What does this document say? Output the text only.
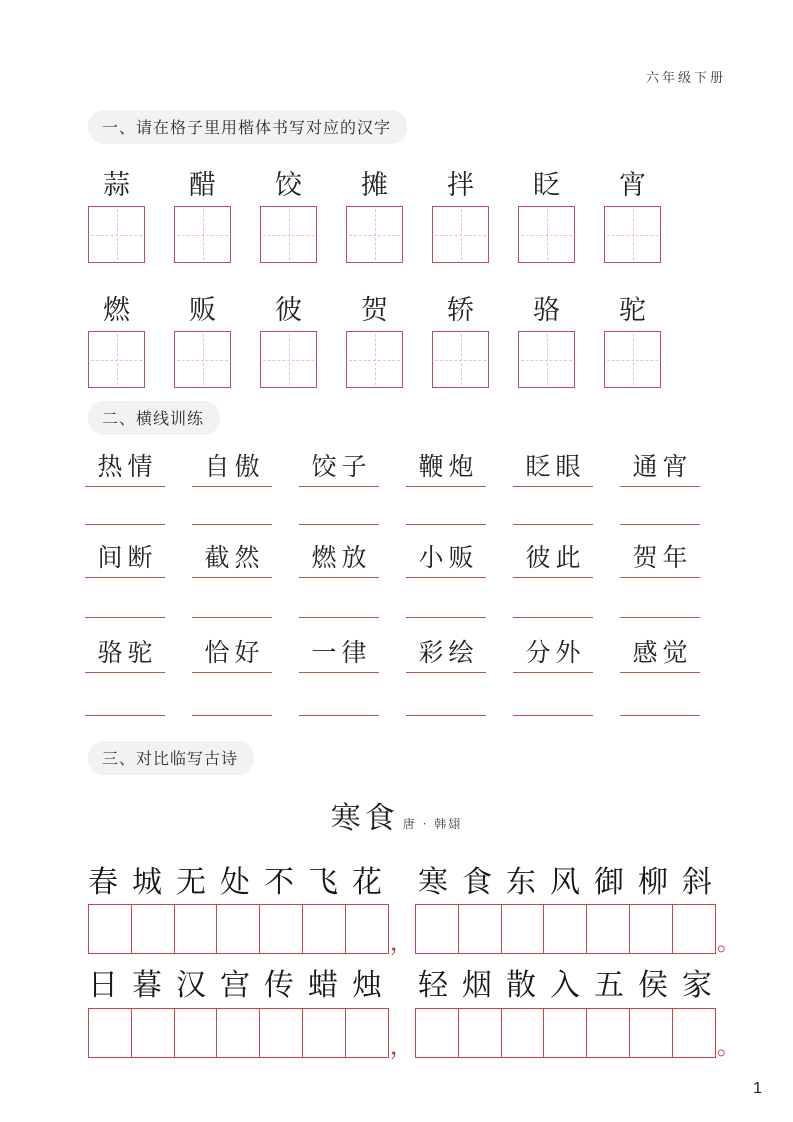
六年级下册
一、请在格子里用楷体书写对应的汉字
蒜 醋 饺 摊 拌 眨 宵
燃 贩 彼 贺 轿 骆 驼
二、横线训练
热情	自傲	饺子	鞭炮	眨眼	通宵
间断	截然	燃放	小贩	彼此	贺年
骆驼	恰好	一律	彩绘	分外	感觉
三、对比临写古诗
寒食 唐 · 韩翃
春城无处不飞花 寒食东风御柳斜
，	。
日暮汉宫传蜡烛 轻烟散入五侯家
，	。
1
